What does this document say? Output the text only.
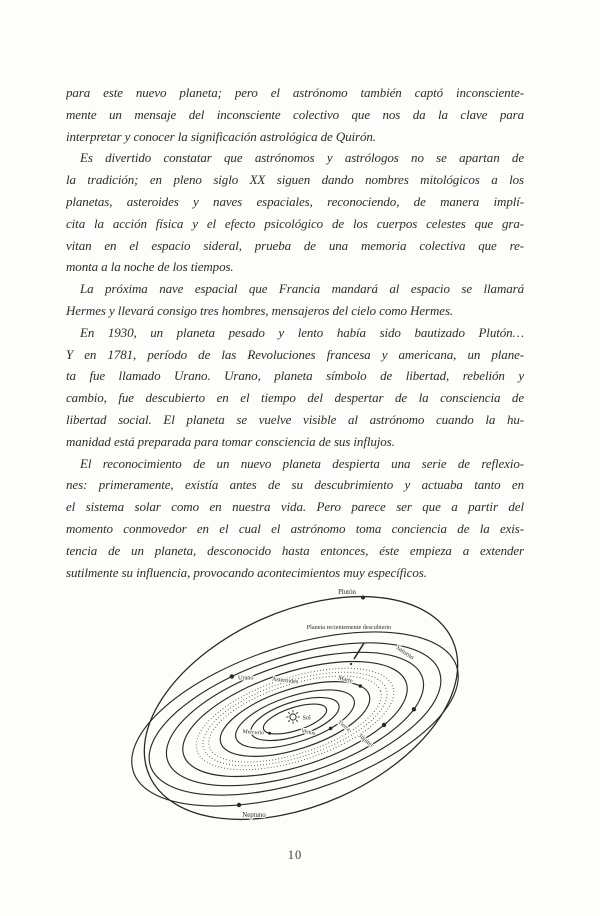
para este nuevo planeta; pero el astrónomo también captó inconsciente-
mente un mensaje del inconsciente colectivo que nos da la clave para
interpretar y conocer la significación astrológica de Quirón.
Es divertido constatar que astrónomos y astrólogos no se apartan de
la tradición; en pleno siglo XX siguen dando nombres mitológicos a los
planetas, asteroides y naves espaciales, reconociendo, de manera implí-
cita la acción física y el efecto psicológico de los cuerpos celestes que gra-
vitan en el espacio sideral, prueba de una memoria colectiva que re-
monta a la noche de los tiempos.
La próxima nave espacial que Francia mandará al espacio se llamará
Hermes y llevará consigo tres hombres, mensajeros del cielo como Hermes.
En 1930, un planeta pesado y lento había sido bautizado Plutón…
Y en 1781, período de las Revoluciones francesa y americana, un plane-
ta fue llamado Urano. Urano, planeta símbolo de libertad, rebelión y
cambio, fue descubierto en el tiempo del despertar de la consciencia de
libertad social. El planeta se vuelve visible al astrónomo cuando la hu-
manidad está preparada para tomar consciencia de sus influjos.
El reconocimiento de un nuevo planeta despierta una serie de reflexio-
nes: primeramente, existía antes de su descubrimiento y actuaba tanto en
el sistema solar como en nuestra vida. Pero parece ser que a partir del
momento conmovedor en el cual el astrónomo toma conciencia de la exis-
tencia de un planeta, desconocido hasta entonces, éste empieza a extender
sutilmente su influencia, provocando acontecimientos muy específicos.
Plutón
Planeta recientemente descubierto
Urano
Saturno
Asteroides	Marte
Sol
Mercurio	Venus	Tierra
Júpiter
Neptuno
10
